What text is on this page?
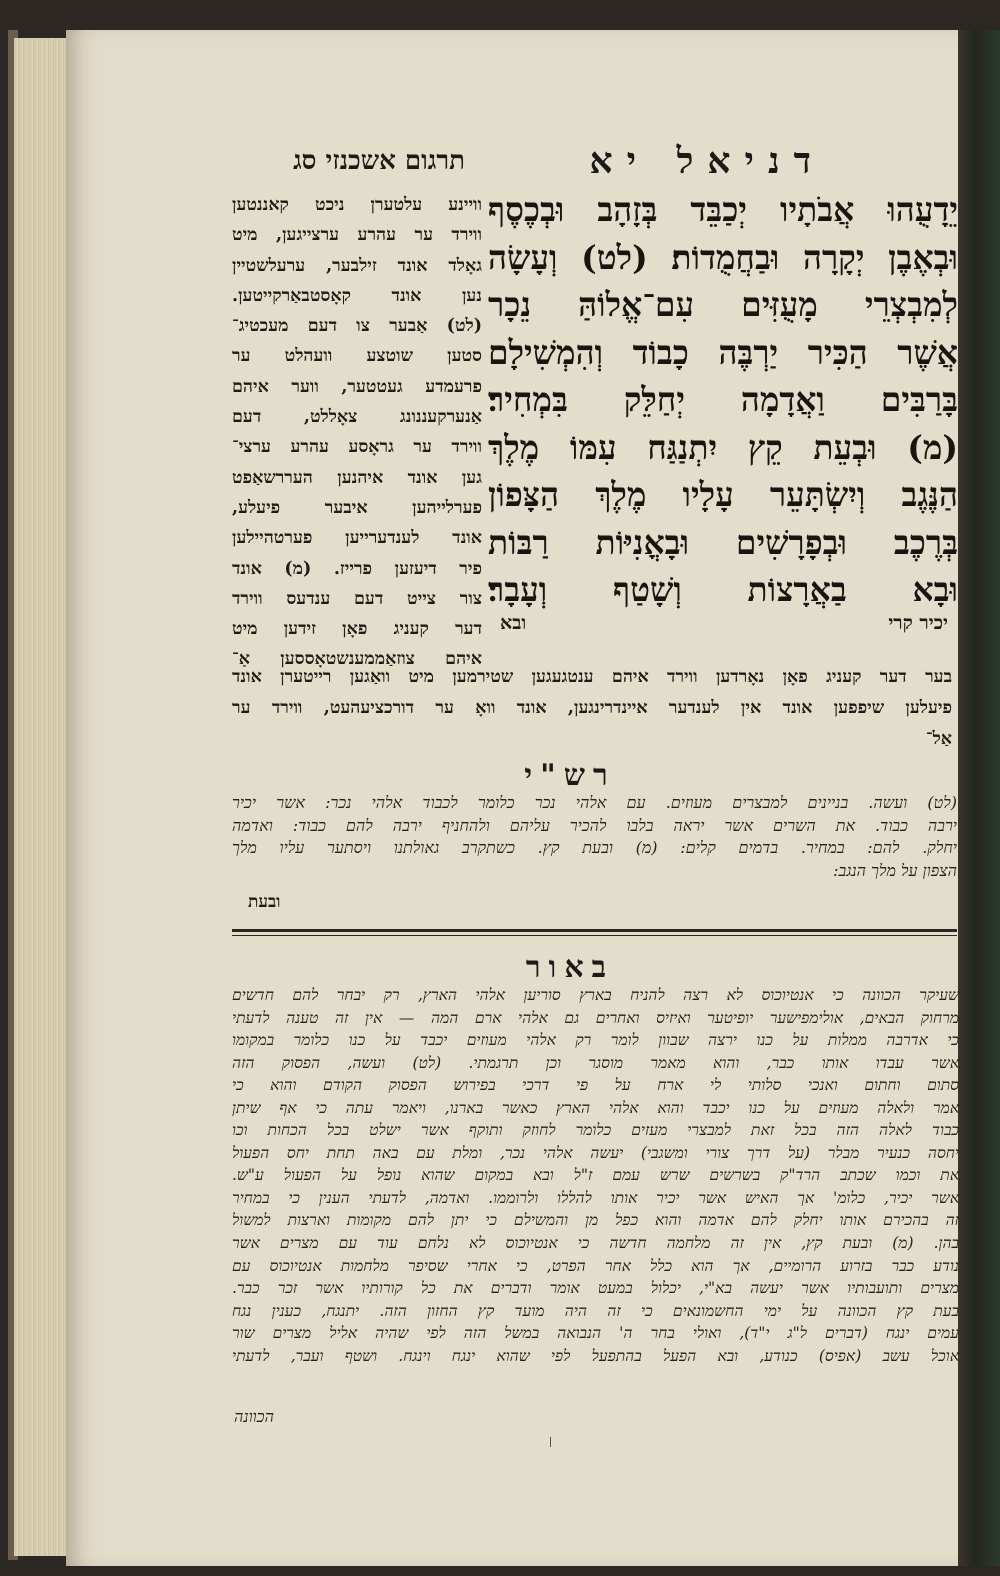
תרגום אשכנזי סג	דניאל יא
יֵדָעֻהוּ אֲבֹתָיו יְכַבֵּד בְּזָהָב וּבְכֶסֶף
וּבְאֶבֶן יְקָרָה וּבַחֲמֻדוֹת׃ (לט) וְעָשָׂה
לְמִבְצְרֵי מָעֻזִּים עִם־אֱלוֹהַּ נֵכָר
אֲשֶׁר הַכִּיר יַרְבֶּה כָבוֹד וְהִמְשִׁילָם
בָּרַבִּים וַאֲדָמָה יְחַלֵּק בִּמְחִיר׃
(מ) וּבְעֵת קֵץ יִתְנַגַּח עִמּוֹ מֶלֶךְ
הַנֶּגֶב וְיִשְׂתָּעֵר עָלָיו מֶלֶךְ הַצָּפוֹן
בְּרֶכֶב וּבְפָרָשִׁים וּבָאֳנִיּוֹת רַבּוֹת
וּבָא בַאֲרָצוֹת וְשָׁטַף וְעָבָר׃
יכיר קרי
ובא
וויינע עלטערן ניכט קאננטען
ווירד ער עהרע ערצייגען, מיט
גאָלד אונד זילבער, ערעלשטיין
נען אונד קאָסטבאַרקייטען.
(לט) אַבער צו דעם מעכטיג־
סטען שוטצע וועהלט ער
פרעמדע געטטער, ווער איהם
אַנערקעננונג צאָללט, דעם
ווירד ער גראָסע עהרע ערצי־
גען אונד איהנען העררשאַפט
פערלייהען איבער פיעלע,
אונד לענדערייען פערטהיילען
פיר דיעזען פרייז. (מ) אונד
צור צייט דעם ענדעס ווירד
דער קעניג פאָן זידען מיט
איהם צוזאַממענשטאָססען אַ־
בער דער קעניג פאָן נאָרדען ווירד איהם ענטגעגען שטירמען מיט וואַגען רייטערן אונד
פיעלען שיפפען אונד אין לענדער איינדרינגען, אונד וואָ ער דורכציעהעט, ווירד ער
אַל־
רש"י
(לט) ועשה. בניינים למבצרים מעוזים. עם אלהי נכר כלומר לכבוד אלהי נכר: אשר יכיר
ירבה כבוד. את השרים אשר יראה בלבו להכיר עליהם ולהחניף ירבה להם כבוד: ואדמה
יחלק. להם: במחיר. בדמים קלים: (מ) ובעת קץ. כשתקרב גאולתנו ויסתער עליו מלך
הצפון על מלך הנגב:
ובעת
באור
שעיקר הכוונה כי אנטיוכוס לא רצה להניח בארץ סוריען אלהי הארץ, רק יבחר להם חדשים
מרחוק הבאים, אולימפישער יופיטער ואיזיס ואחרים גם אלהי ארם המה — אין זה טענה לדעתי
כי אדרבה ממלות על כנו ירצה שבוון לומר רק אלהי מעוזים יכבד על כנו כלומר במקומו
אשר עבדו אותו כבר, והוא מאמר מוסגר וכן תרגמתי. (לט) ועשה, הפסוק הזה
סתום וחתום ואנכי סלותי לי ארח על פי דרכי בפירוש הפסוק הקודם והוא כי
אמר ולאלה מעוזים על כנו יכבד והוא אלהי הארץ כאשר בארנו, ויאמר עתה כי אף שיתן
כבוד לאלה הזה בכל זאת למבצרי מעזים כלומר לחוזק ותוקף אשר ישלט בכל הכחות וכו
יחסה כנעיר מבלר (על דרך צורי ומשגבי) יעשה אלהי נכר, ומלת עם באה תחת יחס הפעול
את וכמו שכתב הרד"ק בשרשים שרש עמם ז"ל ובא במקום שהוא נופל על הפעול ע"ש.
אשר יכיר, כלומ' אך האיש אשר יכיר אותו להללו ולרוממו. ואדמה, לדעתי הענין כי במחיר
זה בהכירם אותו יחלק להם אדמה והוא כפל מן והמשילם כי יתן להם מקומות וארצות למשול
בהן. (מ) ובעת קץ, אין זה מלחמה חדשה כי אנטיוכוס לא נלחם עוד עם מצרים אשר
נודע כבר בזרוע הרומיים, אך הוא כלל אחר הפרט, כי אחרי שסיפר מלחמות אנטיוכוס עם
מצרים ותועבותיו אשר יעשה בא"י, יכלול במעט אומר ודברים את כל קורותיו אשר זכר כבר.
בעת קץ הכוונה על ימי החשמונאים כי זה היה מועד קץ החזון הזה. יתנגח, כענין נגח
עמים ינגח (דברים ל"ג י"ד), ואולי בחר ה' הנבואה במשל הזה לפי שהיה אליל מצרים שור
אוכל עשב (אפיס) כנודע, ובא הפעל בהתפעל לפי שהוא ינגח וינגח. ושטף ועבר, לדעתי
הכוונה
